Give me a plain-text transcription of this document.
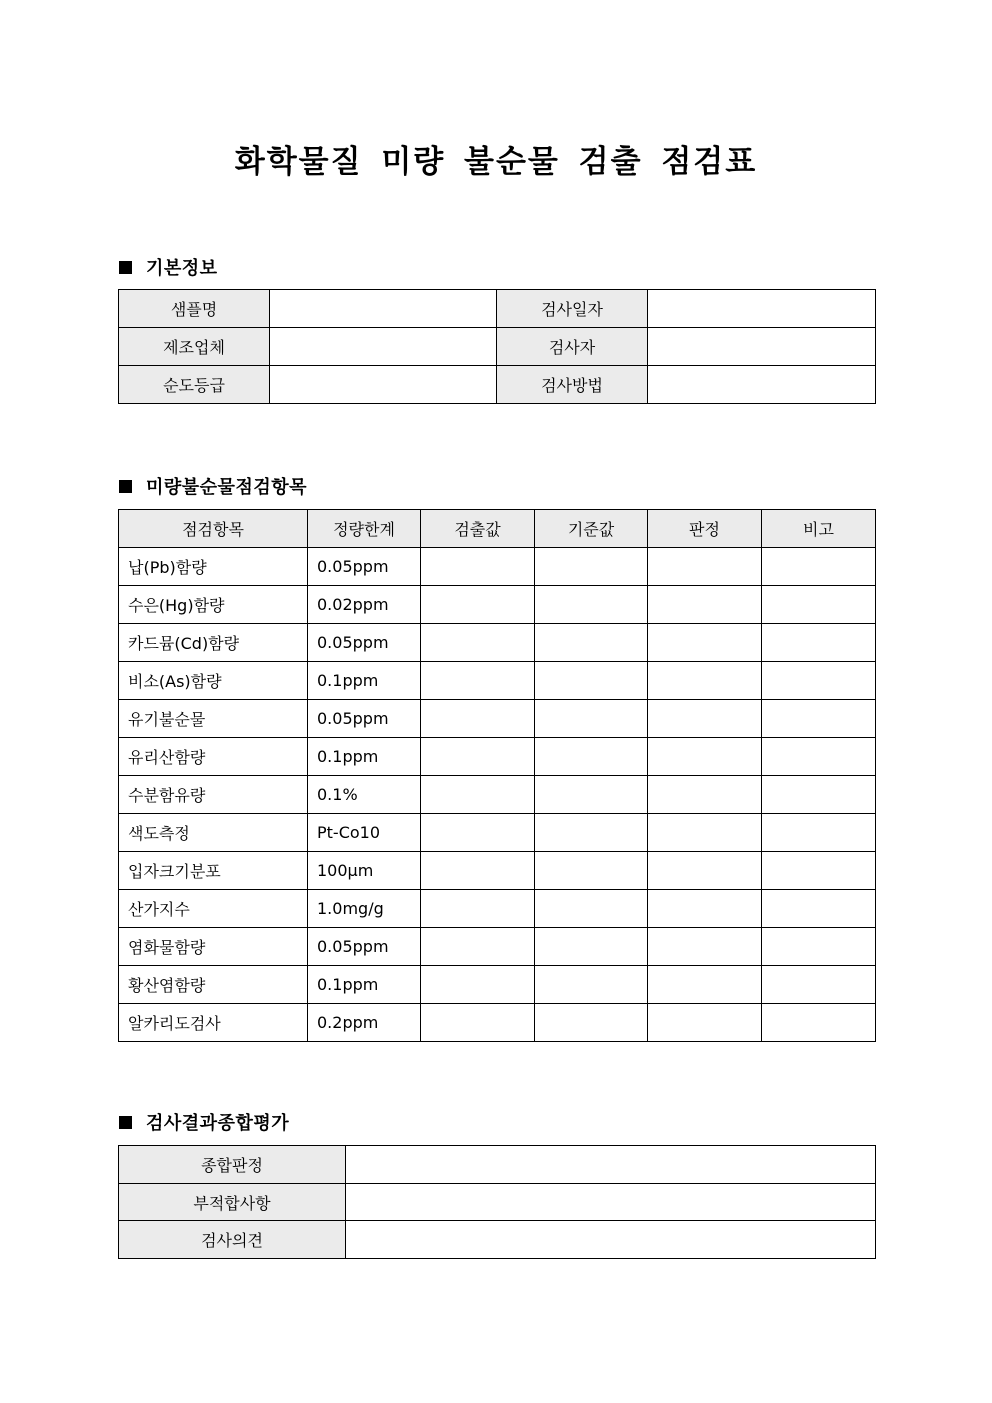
화학물질 미량 불순물 검출 점검표
기본정보
샘플명		검사일자	
제조업체		검사자	
순도등급		검사방법	
미량불순물점검항목
점검항목	정량한계	검출값	기준값	판정	비고
납(Pb)함량	0.05ppm				
수은(Hg)함량	0.02ppm				
카드뮴(Cd)함량	0.05ppm				
비소(As)함량	0.1ppm				
유기불순물	0.05ppm				
유리산함량	0.1ppm				
수분함유량	0.1%				
색도측정	Pt-Co10				
입자크기분포	100μm				
산가지수	1.0mg/g				
염화물함량	0.05ppm				
황산염함량	0.1ppm				
알카리도검사	0.2ppm				
검사결과종합평가
종합판정	
부적합사항	
검사의견	
